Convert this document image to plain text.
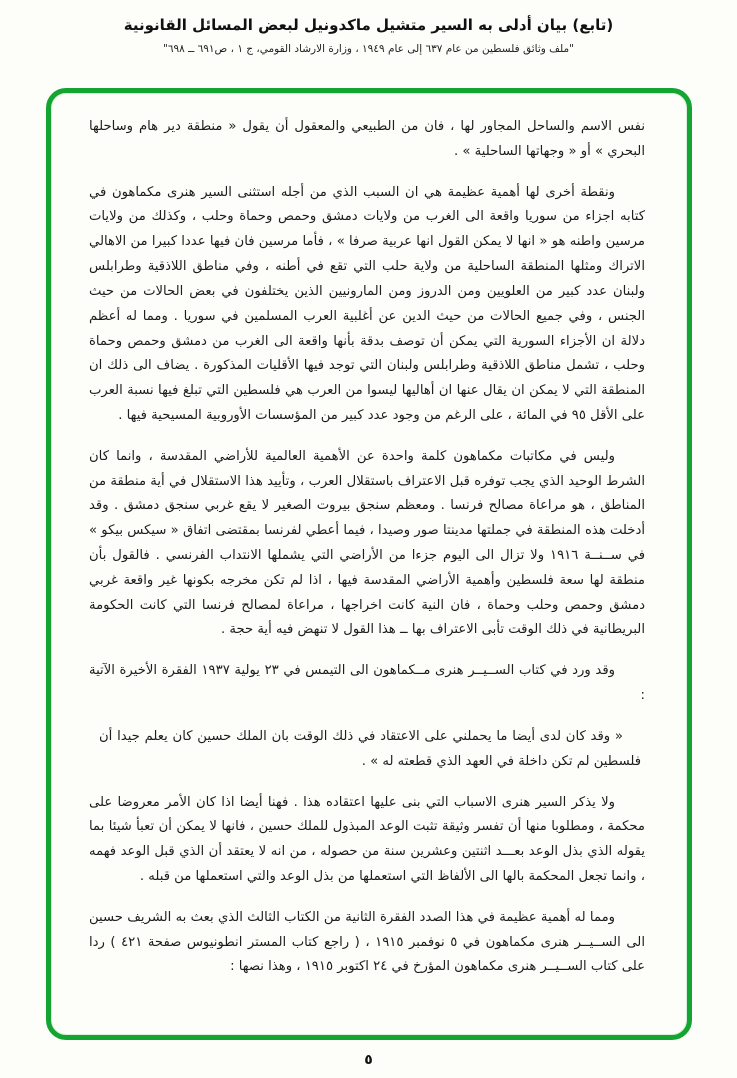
(تابع) بيان أدلى به السير متشيل ماكدونيل لبعض المسائل القانونية
"ملف وثائق فلسطين من عام ٦٣٧ إلى عام ١٩٤٩ ، وزارة الارشاد القومي، ج ١ ، ص٦٩١ ــ ٦٩٨"

نفس الاسم والساحل المجاور لها ، فان من الطبيعي والمعقول أن يقول « منطقة دير هام وساحلها البحري » أو « وجهاتها الساحلية » .

ونقطة أخرى لها أهمية عظيمة هي ان السبب الذي من أجله استثنى السير هنرى مكماهون في كتابه اجزاء من سوريا واقعة الى الغرب من ولايات دمشق وحمص وحماة وحلب ، وكذلك من ولايات مرسين واطنه هو « انها لا يمكن القول انها عربية صرفا » ، فأما مرسين فان فيها عددا كبيرا من الاهالي الاتراك ومثلها المنطقة الساحلية من ولاية حلب التي تقع في أطنه ، وفي مناطق اللاذقية وطرابلس ولبنان عدد كبير من العلويين ومن الدروز ومن المارونيين الذين يختلفون في بعض الحالات من حيث الجنس ، وفي جميع الحالات من حيث الدين عن أغلبية العرب المسلمين في سوريا . ومما له أعظم دلالة ان الأجزاء السورية التي يمكن أن توصف بدقة بأنها واقعة الى الغرب من دمشق وحمص وحماة وحلب ، تشمل مناطق اللاذقية وطرابلس ولبنان التي توجد فيها الأقليات المذكورة . يضاف الى ذلك ان المنطقة التي لا يمكن ان يقال عنها ان أهاليها ليسوا من العرب هي فلسطين التي تبلغ فيها نسبة العرب على الأقل ٩٥ في المائة ، على الرغم من وجود عدد كبير من المؤسسات الأوروبية المسيحية فيها .

وليس في مكاتبات مكماهون كلمة واحدة عن الأهمية العالمية للأراضي المقدسة ، وانما كان الشرط الوحيد الذي يجب توفره قبل الاعتراف باستقلال العرب ، وتأييد هذا الاستقلال في أية منطقة من المناطق ، هو مراعاة مصالح فرنسا . ومعظم سنجق بيروت الصغير لا يقع غربي سنجق دمشق . وقد أدخلت هذه المنطقة في جملتها مدينتا صور وصيدا ، فيما أعطي لفرنسا بمقتضى اتفاق « سيكس بيكو » في ســنــة ١٩١٦ ولا تزال الى اليوم جزءا من الأراضي التي يشملها الانتداب الفرنسي . فالقول بأن منطقة لها سعة فلسطين وأهمية الأراضي المقدسة فيها ، اذا لم تكن مخرجه بكونها غير واقعة غربي دمشق وحمص وحلب وحماة ، فان النية كانت اخراجها ، مراعاة لمصالح فرنسا التي كانت الحكومة البريطانية في ذلك الوقت تأبى الاعتراف بها ــ هذا القول لا تنهض فيه أية حجة .

وقد ورد في كتاب الســيــر هنرى مــكماهون الى التيمس في ٢٣ يولية ١٩٣٧ الفقرة الأخيرة الآتية :

« وقد كان لدى أيضا ما يحملني على الاعتقاد في ذلك الوقت بان الملك حسين كان يعلم جيدا أن فلسطين لم تكن داخلة في العهد الذي قطعته له » .

ولا يذكر السير هنرى الاسباب التي بنى عليها اعتقاده هذا . فهنا أيضا اذا كان الأمر معروضا على محكمة ، ومطلوبا منها أن تفسر وثيقة تثبت الوعد المبذول للملك حسين ، فانها لا يمكن أن تعبأ شيئا بما يقوله الذي بذل الوعد بعـــد اثنتين وعشرين سنة من حصوله ، من انه لا يعتقد أن الذي قبل الوعد فهمه ، وانما تجعل المحكمة بالها الى الألفاظ التي استعملها من بذل الوعد والتي استعملها من قبله .

ومما له أهمية عظيمة في هذا الصدد الفقرة الثانية من الكتاب الثالث الذي بعث به الشريف حسين الى الســيــر هنرى مكماهون في ٥ نوفمبر ١٩١٥ ، ( راجع كتاب المستر انطونيوس صفحة ٤٢١ ) ردا على كتاب الســيــر هنرى مكماهون المؤرخ في ٢٤ اكتوبر ١٩١٥ ، وهذا نصها :

٥
